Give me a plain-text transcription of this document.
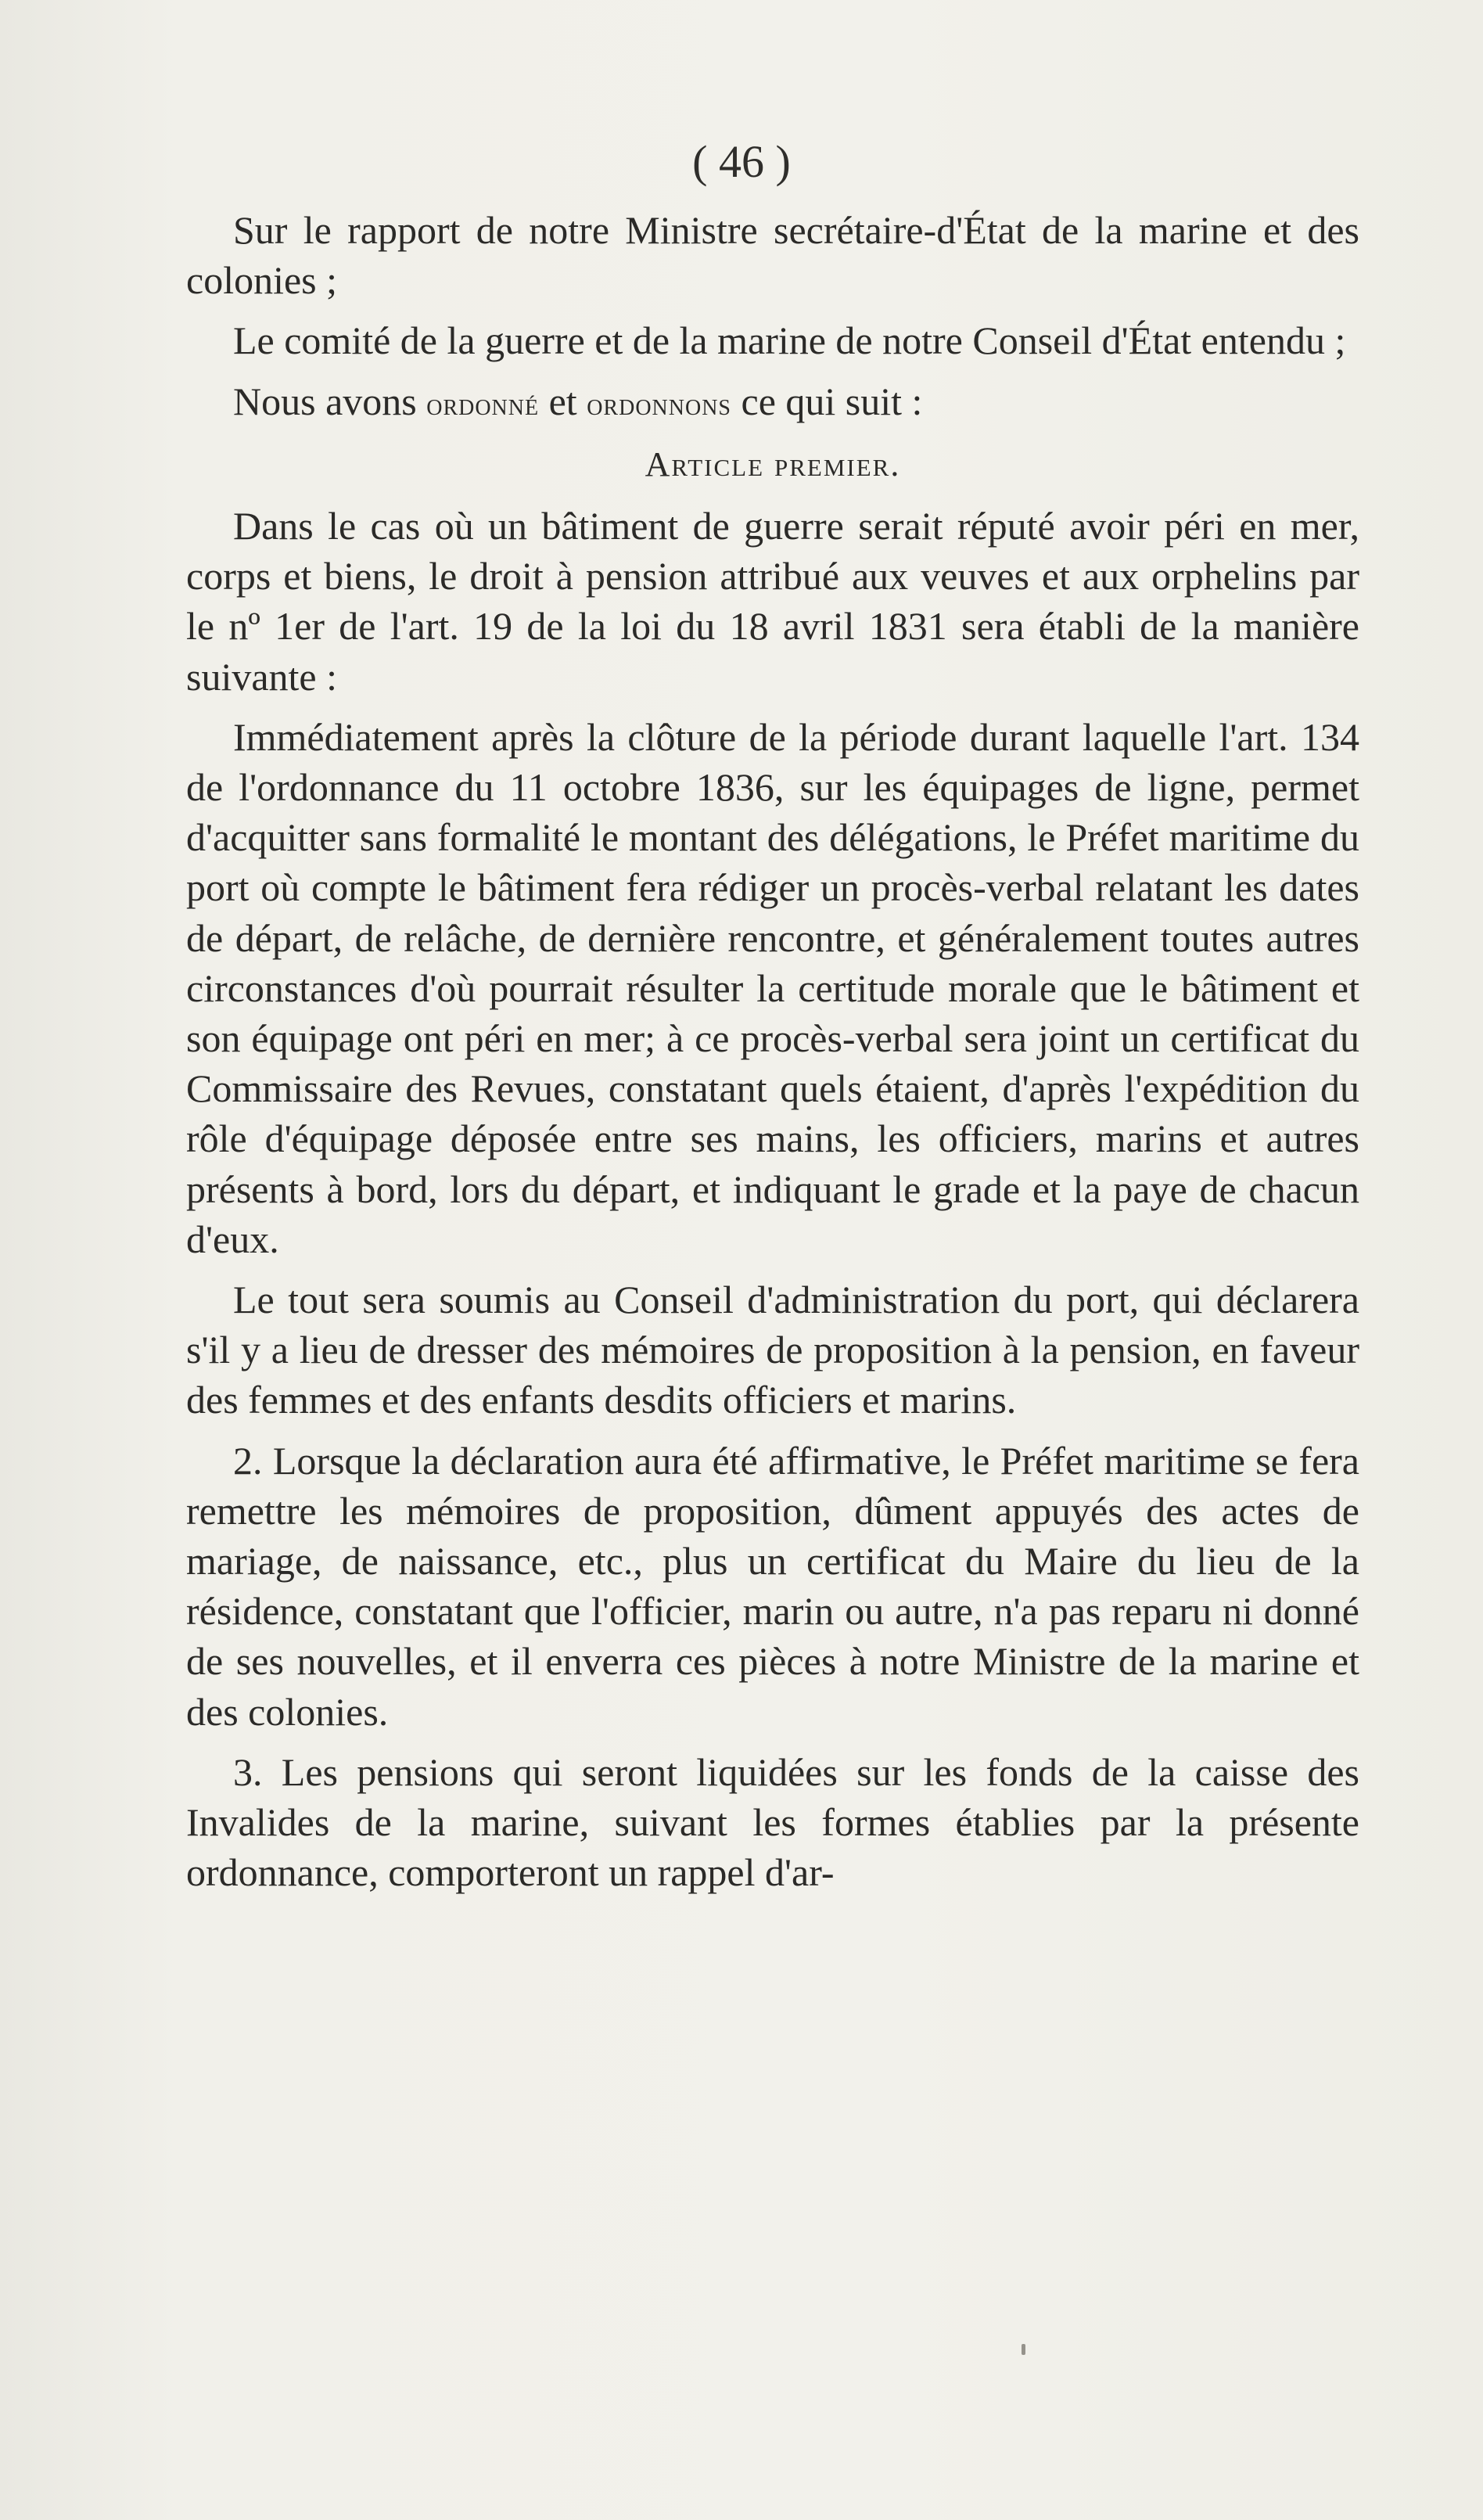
( 46 )

Sur le rapport de notre Ministre secrétaire-d'État de la marine et des colonies ;

Le comité de la guerre et de la marine de notre Conseil d'État entendu ;

Nous avons ordonné et ordonnons ce qui suit :

Article premier.

Dans le cas où un bâtiment de guerre serait réputé avoir péri en mer, corps et biens, le droit à pension attribué aux veuves et aux orphelins par le nº 1er de l'art. 19 de la loi du 18 avril 1831 sera établi de la manière suivante :

Immédiatement après la clôture de la période durant laquelle l'art. 134 de l'ordonnance du 11 octobre 1836, sur les équipages de ligne, permet d'acquitter sans formalité le montant des délégations, le Préfet maritime du port où compte le bâtiment fera rédiger un procès-verbal relatant les dates de départ, de relâche, de dernière rencontre, et généralement toutes autres circonstances d'où pourrait résulter la certitude morale que le bâtiment et son équipage ont péri en mer; à ce procès-verbal sera joint un certificat du Commissaire des Revues, constatant quels étaient, d'après l'expédition du rôle d'équipage déposée entre ses mains, les officiers, marins et autres présents à bord, lors du départ, et indiquant le grade et la paye de chacun d'eux.

Le tout sera soumis au Conseil d'administration du port, qui déclarera s'il y a lieu de dresser des mémoires de proposition à la pension, en faveur des femmes et des enfants desdits officiers et marins.

2. Lorsque la déclaration aura été affirmative, le Préfet maritime se fera remettre les mémoires de proposition, dûment appuyés des actes de mariage, de naissance, etc., plus un certificat du Maire du lieu de la résidence, constatant que l'officier, marin ou autre, n'a pas reparu ni donné de ses nouvelles, et il enverra ces pièces à notre Ministre de la marine et des colonies.

3. Les pensions qui seront liquidées sur les fonds de la caisse des Invalides de la marine, suivant les formes établies par la présente ordonnance, comporteront un rappel d'ar-
